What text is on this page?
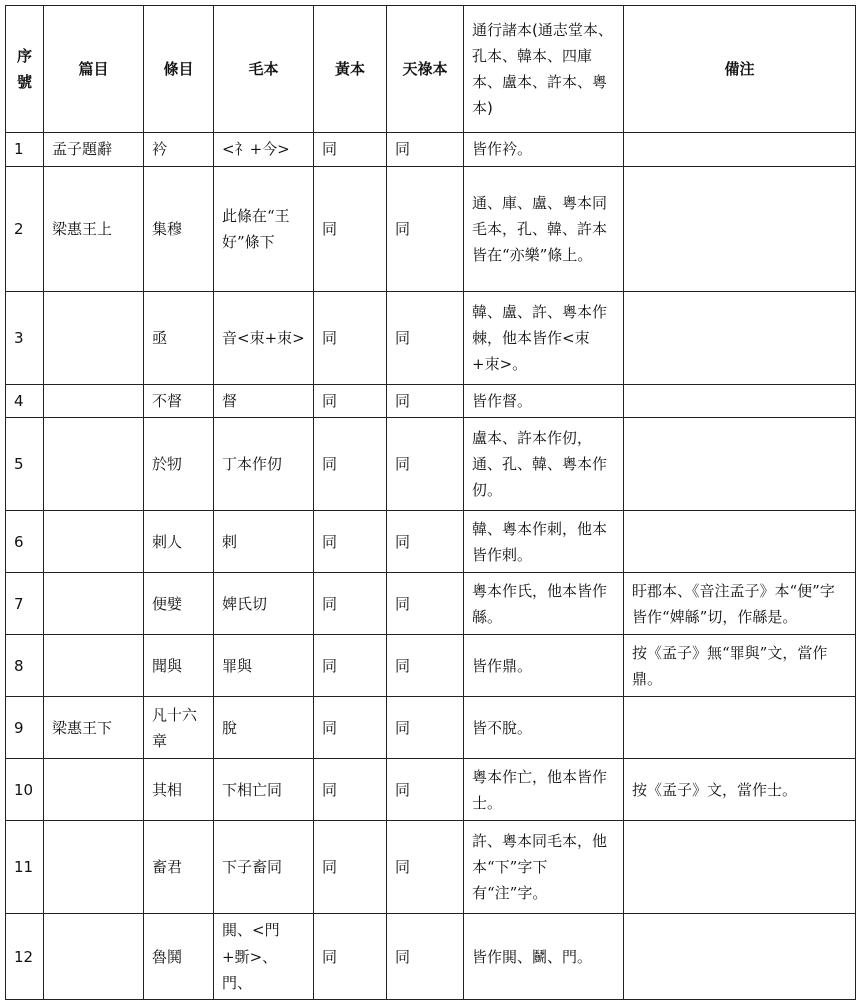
序號	篇目	條目	毛本	黃本	天祿本	通行諸本(通志堂本、孔本、韓本、四庫本、盧本、許本、粵本)	備注
1	孟子題辭	衿	<礻+今>	同	同	皆作衿。	
2	梁惠王上	集穆	此條在“王好”條下	同	同	通、庫、盧、粵本同毛本，孔、韓、許本皆在“亦樂”條上。	
3		亟	音<朿+朿>	同	同	韓、盧、許、粵本作棘，他本皆作<朿+朿>。	
4		不督	督	同	同	皆作督。	
5		於牣	丁本作仞	同	同	盧本、許本作仞，通、孔、韓、粵本作仞。	
6		刺人	剌	同	同	韓、粵本作刺，他本皆作剌。	
7		便嬖	婢氏切	同	同	粵本作氏，他本皆作緜。	盱郡本、《音注孟子》本“便”字皆作“婢緜”切，作緜是。
8		聞與	罪與	同	同	皆作鼎。	按《孟子》無“罪與”文，當作鼎。
9	梁惠王下	凡十六章	脫	同	同	皆不脫。	
10		其相	下相亡同	同	同	粵本作亡，他本皆作士。	按《孟子》文，當作士。
11		畜君	下子畜同	同	同	許、粵本同毛本，他本“下”字下有“注”字。	
12		魯鬨	閧、<門+斲>、門、	同	同	皆作閧、鬭、門。	
